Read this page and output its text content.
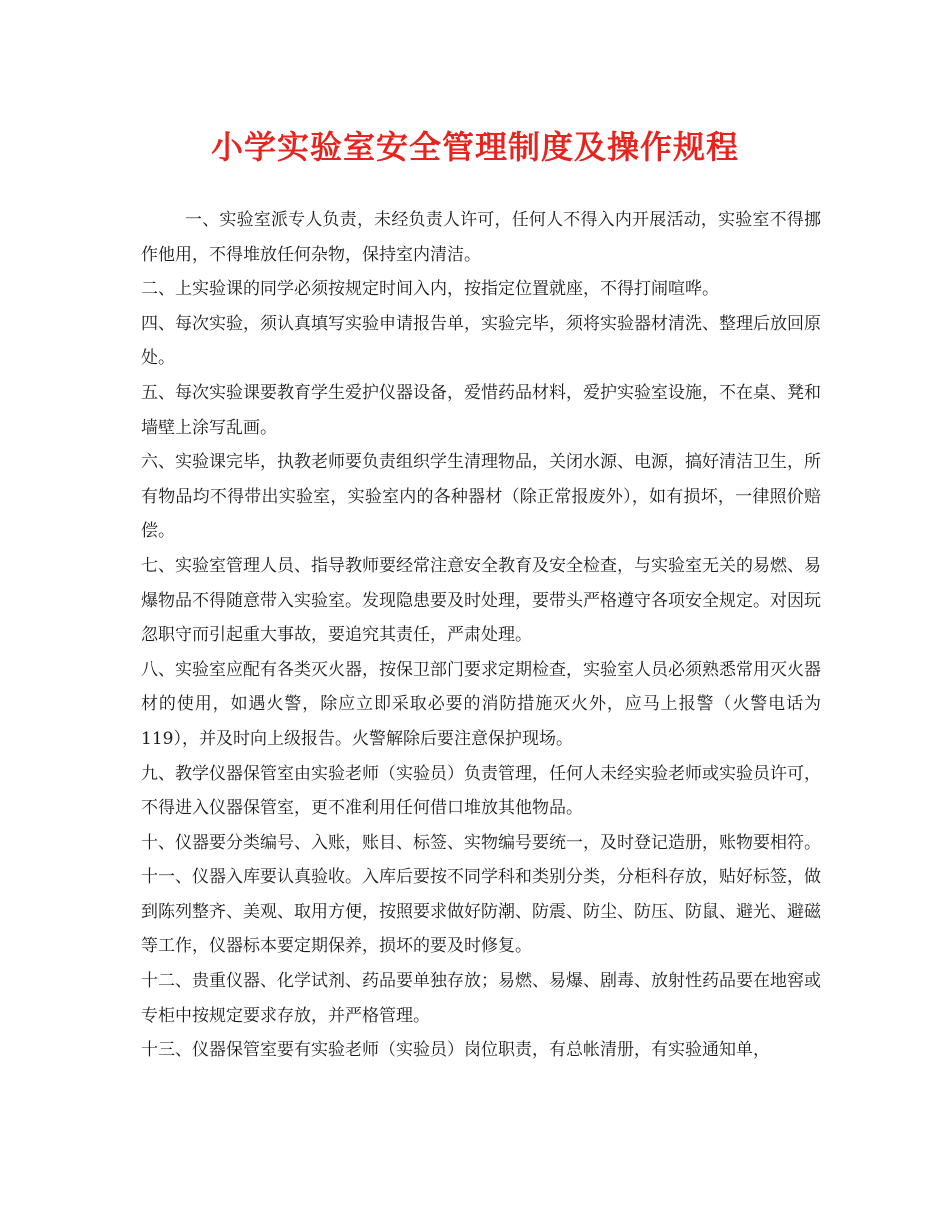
小学实验室安全管理制度及操作规程

一、实验室派专人负责，未经负责人许可，任何人不得入内开展活动，实验室不得挪作他用，不得堆放任何杂物，保持室内清洁。

二、上实验课的同学必须按规定时间入内，按指定位置就座，不得打闹喧哗。

四、每次实验，须认真填写实验申请报告单，实验完毕，须将实验器材清洗、整理后放回原处。

五、每次实验课要教育学生爱护仪器设备，爱惜药品材料，爱护实验室设施，不在桌、凳和墙壁上涂写乱画。

六、实验课完毕，执教老师要负责组织学生清理物品，关闭水源、电源，搞好清洁卫生，所有物品均不得带出实验室，实验室内的各种器材（除正常报废外），如有损坏，一律照价赔偿。

七、实验室管理人员、指导教师要经常注意安全教育及安全检查，与实验室无关的易燃、易爆物品不得随意带入实验室。发现隐患要及时处理，要带头严格遵守各项安全规定。对因玩忽职守而引起重大事故，要追究其责任，严肃处理。

八、实验室应配有各类灭火器，按保卫部门要求定期检查，实验室人员必须熟悉常用灭火器材的使用，如遇火警，除应立即采取必要的消防措施灭火外，应马上报警（火警电话为119），并及时向上级报告。火警解除后要注意保护现场。

九、教学仪器保管室由实验老师（实验员）负责管理，任何人未经实验老师或实验员许可，不得进入仪器保管室，更不准利用任何借口堆放其他物品。

十、仪器要分类编号、入账，账目、标签、实物编号要统一，及时登记造册，账物要相符。

十一、仪器入库要认真验收。入库后要按不同学科和类别分类，分柜科存放，贴好标签，做到陈列整齐、美观、取用方便，按照要求做好防潮、防震、防尘、防压、防鼠、避光、避磁等工作，仪器标本要定期保养，损坏的要及时修复。

十二、贵重仪器、化学试剂、药品要单独存放；易燃、易爆、剧毒、放射性药品要在地窖或专柜中按规定要求存放，并严格管理。

十三、仪器保管室要有实验老师（实验员）岗位职责，有总帐清册，有实验通知单，
